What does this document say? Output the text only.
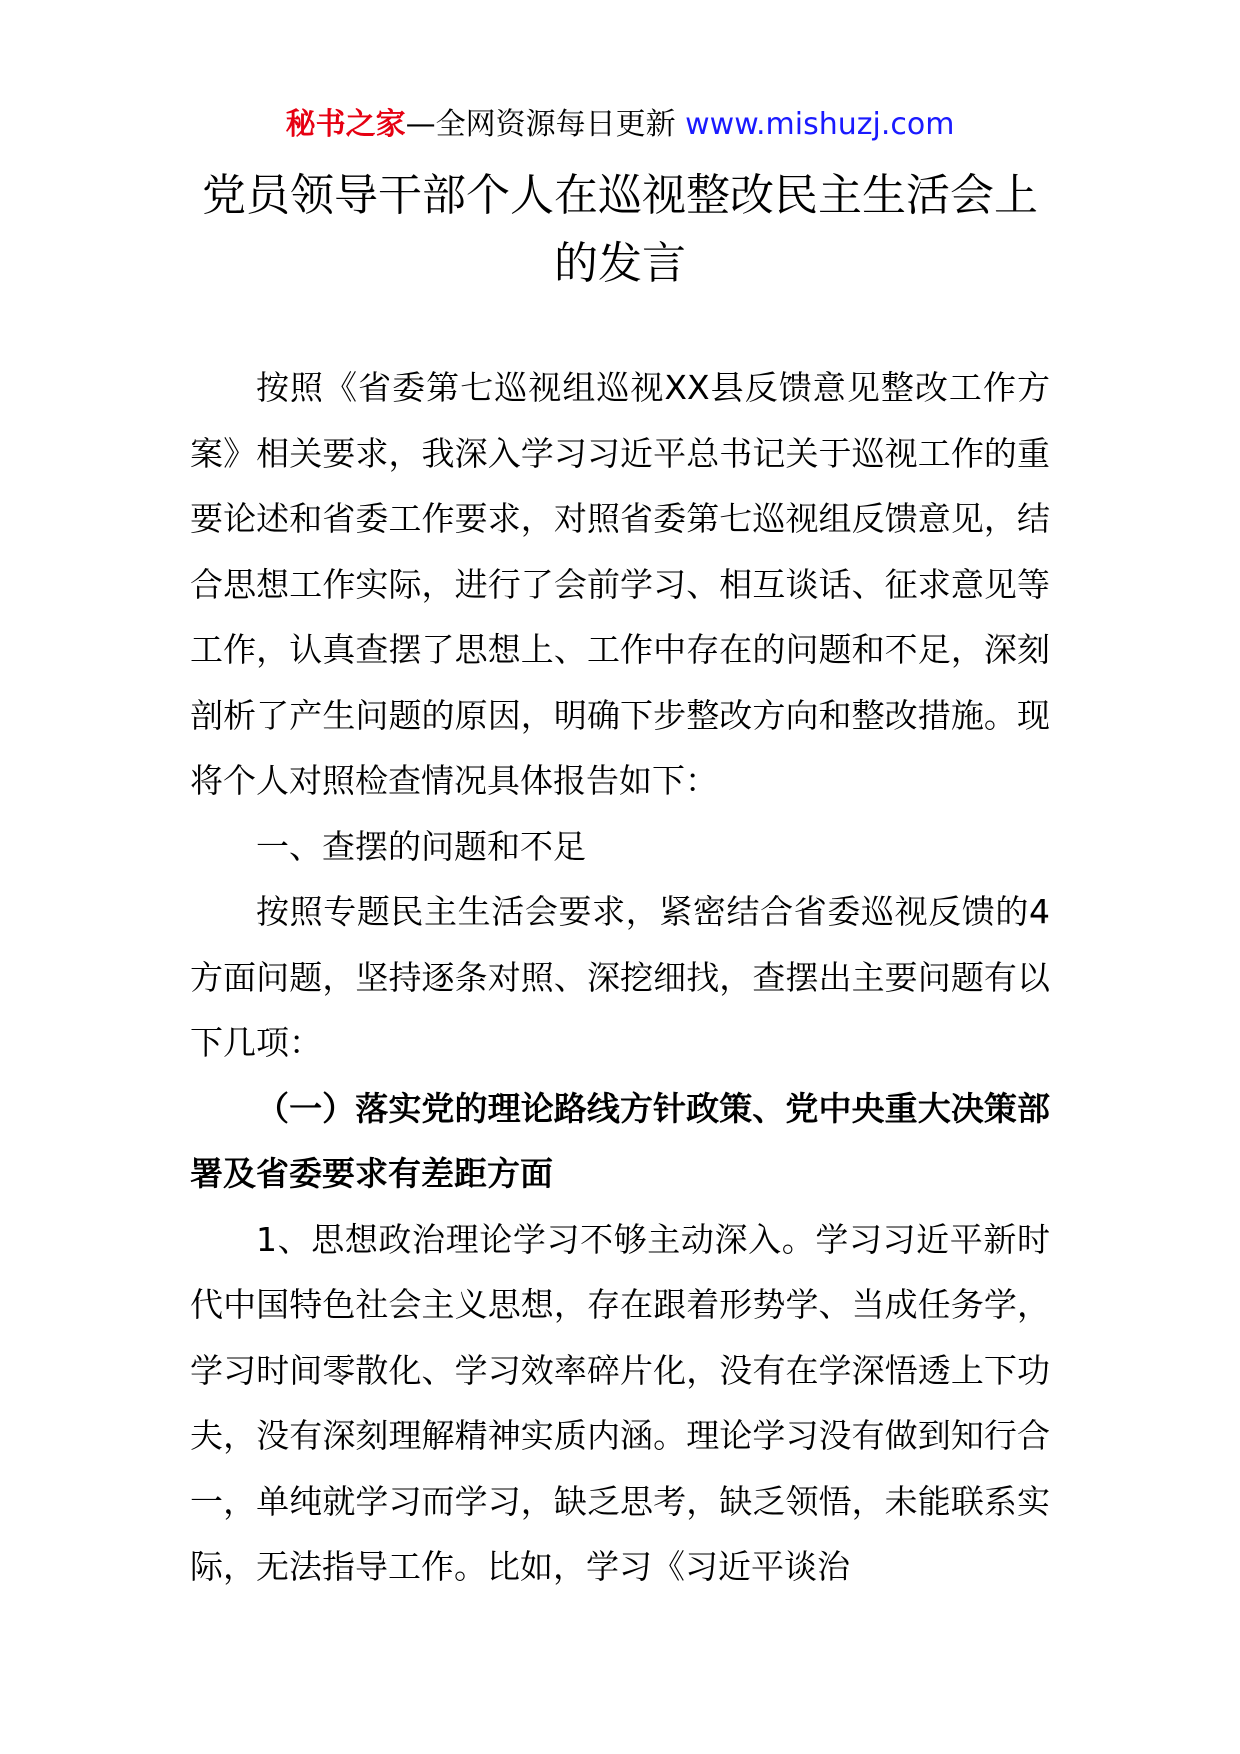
秘书之家—全网资源每日更新 www.mishuzj.com
党员领导干部个人在巡视整改民主生活会上的发言

按照《省委第七巡视组巡视XX县反馈意见整改工作方案》相关要求，我深入学习习近平总书记关于巡视工作的重要论述和省委工作要求，对照省委第七巡视组反馈意见，结合思想工作实际，进行了会前学习、相互谈话、征求意见等工作，认真查摆了思想上、工作中存在的问题和不足，深刻剖析了产生问题的原因，明确下步整改方向和整改措施。现将个人对照检查情况具体报告如下：

一、查摆的问题和不足

按照专题民主生活会要求，紧密结合省委巡视反馈的4方面问题，坚持逐条对照、深挖细找，查摆出主要问题有以下几项：

（一）落实党的理论路线方针政策、党中央重大决策部署及省委要求有差距方面

1、思想政治理论学习不够主动深入。学习习近平新时代中国特色社会主义思想，存在跟着形势学、当成任务学，学习时间零散化、学习效率碎片化，没有在学深悟透上下功夫，没有深刻理解精神实质内涵。理论学习没有做到知行合一，单纯就学习而学习，缺乏思考，缺乏领悟，未能联系实际，无法指导工作。比如，学习《习近平谈治
